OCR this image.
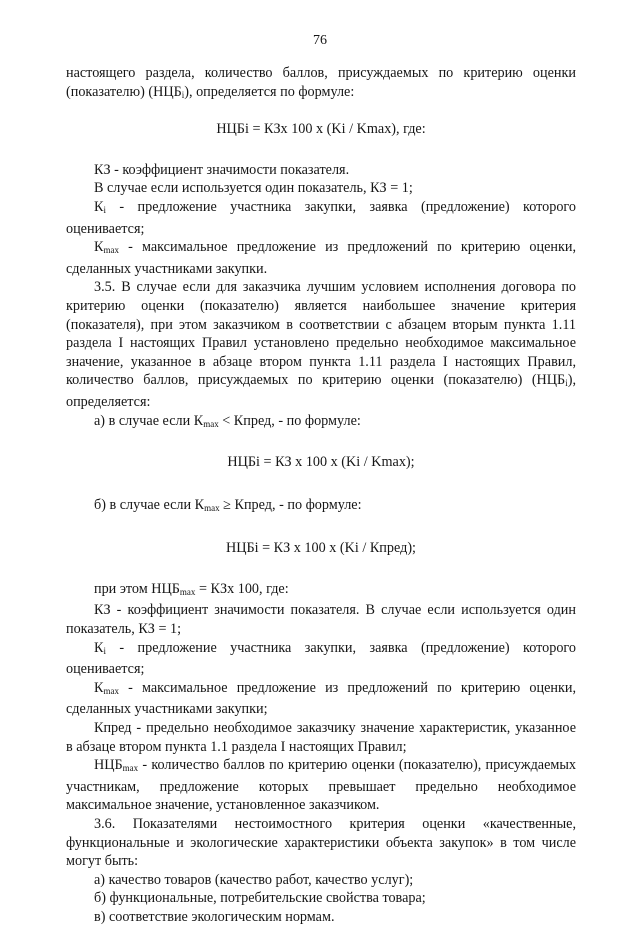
76

настоящего раздела, количество баллов, присуждаемых по критерию оценки (показателю) $(НЦБ_i)$, определяется по формуле:

НЦБi = КЗх 100 х (Ki / Kmax), где:

КЗ - коэффициент значимости показателя.

В случае если используется один показатель, КЗ = 1;

$К_i$ - предложение участника закупки, заявка (предложение) которого оценивается;

$К_{max}$ - максимальное предложение из предложений по критерию оценки, сделанных участниками закупки.

3.5. В случае если для заказчика лучшим условием исполнения договора по критерию оценки (показателю) является наибольшее значение критерия (показателя), при этом заказчиком в соответствии с абзацем вторым пункта 1.11 раздела I настоящих Правил установлено предельно необходимое максимальное значение, указанное в абзаце втором пункта 1.11 раздела I настоящих Правил, количество баллов, присуждаемых по критерию оценки (показателю) $(НЦБ_i)$, определяется:

а) в случае если $К_{max}$ < Кпред, - по формуле:

НЦБi = КЗ х 100 х (Ki / Kmax);

б) в случае если $К_{max}$ ≥ Кпред, - по формуле:

НЦБi = КЗ х 100 х (Ki / Кпред);

при этом $НЦБ_{max}$ = КЗх 100, где:

КЗ - коэффициент значимости показателя. В случае если используется один показатель, КЗ = 1;

$К_i$ - предложение участника закупки, заявка (предложение) которого оценивается;

$К_{max}$ - максимальное предложение из предложений по критерию оценки, сделанных участниками закупки;

Кпред - предельно необходимое заказчику значение характеристик, указанное в абзаце втором пункта 1.1 раздела I настоящих Правил;

$НЦБ_{max}$ - количество баллов по критерию оценки (показателю), присуждаемых участникам, предложение которых превышает предельно необходимое максимальное значение, установленное заказчиком.

3.6. Показателями нестоимостного критерия оценки «качественные, функциональные и экологические характеристики объекта закупок» в том числе могут быть:

а) качество товаров (качество работ, качество услуг);

б) функциональные, потребительские свойства товара;

в) соответствие экологическим нормам.
